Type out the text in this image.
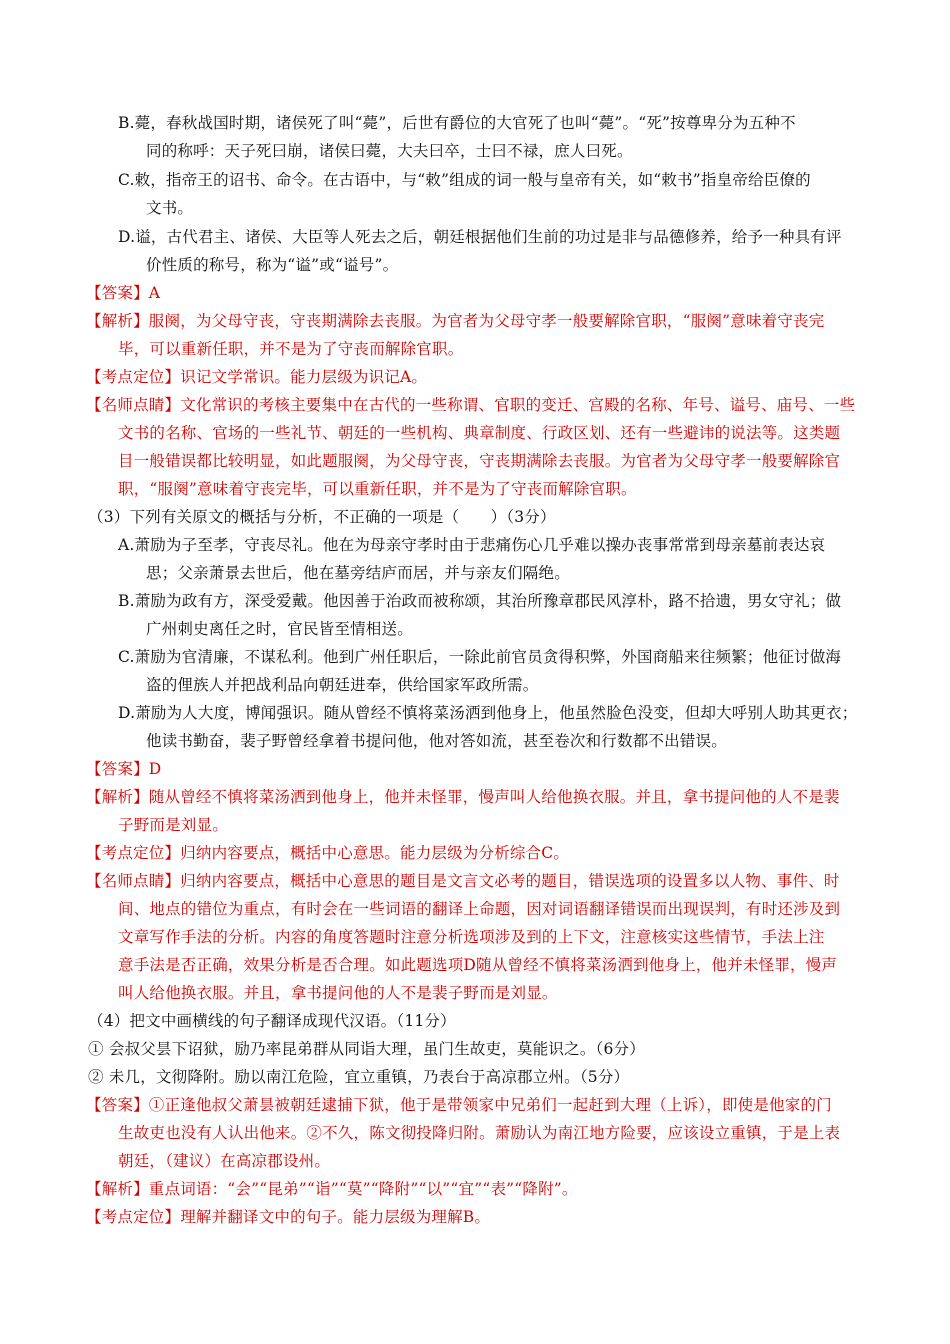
B.薨，春秋战国时期，诸侯死了叫“薨”，后世有爵位的大官死了也叫“薨”。“死”按尊卑分为五种不
同的称呼：天子死曰崩，诸侯曰薨，大夫曰卒，士曰不禄，庶人曰死。
C.敕，指帝王的诏书、命令。在古语中，与“敕”组成的词一般与皇帝有关，如“敕书”指皇帝给臣僚的
文书。
D.谥，古代君主、诸侯、大臣等人死去之后，朝廷根据他们生前的功过是非与品德修养，给予一种具有评
价性质的称号，称为“谥”或“谥号”。
【答案】A
【解析】服阕，为父母守丧，守丧期满除去丧服。为官者为父母守孝一般要解除官职，“服阕”意味着守丧完
毕，可以重新任职，并不是为了守丧而解除官职。
【考点定位】识记文学常识。能力层级为识记A。
【名师点睛】文化常识的考核主要集中在古代的一些称谓、官职的变迁、宫殿的名称、年号、谥号、庙号、一些
文书的名称、官场的一些礼节、朝廷的一些机构、典章制度、行政区划、还有一些避讳的说法等。这类题
目一般错误都比较明显，如此题服阕，为父母守丧，守丧期满除去丧服。为官者为父母守孝一般要解除官
职，“服阕”意味着守丧完毕，可以重新任职，并不是为了守丧而解除官职。
（3）下列有关原文的概括与分析，不正确的一项是（　　）（3分）
A.萧励为子至孝，守丧尽礼。他在为母亲守孝时由于悲痛伤心几乎难以操办丧事常常到母亲墓前表达哀
思；父亲萧景去世后，他在墓旁结庐而居，并与亲友们隔绝。
B.萧励为政有方，深受爱戴。他因善于治政而被称颂，其治所豫章郡民风淳朴，路不拾遗，男女守礼；做
广州刺史离任之时，官民皆至情相送。
C.萧励为官清廉，不谋私利。他到广州任职后，一除此前官员贪得积弊，外国商船来往频繁；他征讨做海
盗的俚族人并把战利品向朝廷进奉，供给国家军政所需。
D.萧励为人大度，博闻强识。随从曾经不慎将菜汤洒到他身上，他虽然脸色没变，但却大呼别人助其更衣；
他读书勤奋，裴子野曾经拿着书提问他，他对答如流，甚至卷次和行数都不出错误。
【答案】D
【解析】随从曾经不慎将菜汤洒到他身上，他并未怪罪，慢声叫人给他换衣服。并且，拿书提问他的人不是裴
子野而是刘显。
【考点定位】归纳内容要点，概括中心意思。能力层级为分析综合C。
【名师点睛】归纳内容要点，概括中心意思的题目是文言文必考的题目，错误选项的设置多以人物、事件、时
间、地点的错位为重点，有时会在一些词语的翻译上命题，因对词语翻译错误而出现误判，有时还涉及到
文章写作手法的分析。内容的角度答题时注意分析选项涉及到的上下文，注意核实这些情节，手法上注
意手法是否正确，效果分析是否合理。如此题选项D随从曾经不慎将菜汤洒到他身上，他并未怪罪，慢声
叫人给他换衣服。并且，拿书提问他的人不是裴子野而是刘显。
（4）把文中画横线的句子翻译成现代汉语。（11分）
① 会叔父昙下诏狱，励乃率昆弟群从同诣大理，虽门生故吏，莫能识之。（6分）
② 未几，文彻降附。励以南江危险，宜立重镇，乃表台于高凉郡立州。（5分）
【答案】①正逢他叔父萧昙被朝廷逮捕下狱，他于是带领家中兄弟们一起赶到大理（上诉），即使是他家的门
生故吏也没有人认出他来。②不久，陈文彻投降归附。萧励认为南江地方险要，应该设立重镇，于是上表
朝廷，（建议）在高凉郡设州。
【解析】重点词语：“会”“昆弟”“诣”“莫”“降附”“以”“宜”“表”“降附”。
【考点定位】理解并翻译文中的句子。能力层级为理解B。
